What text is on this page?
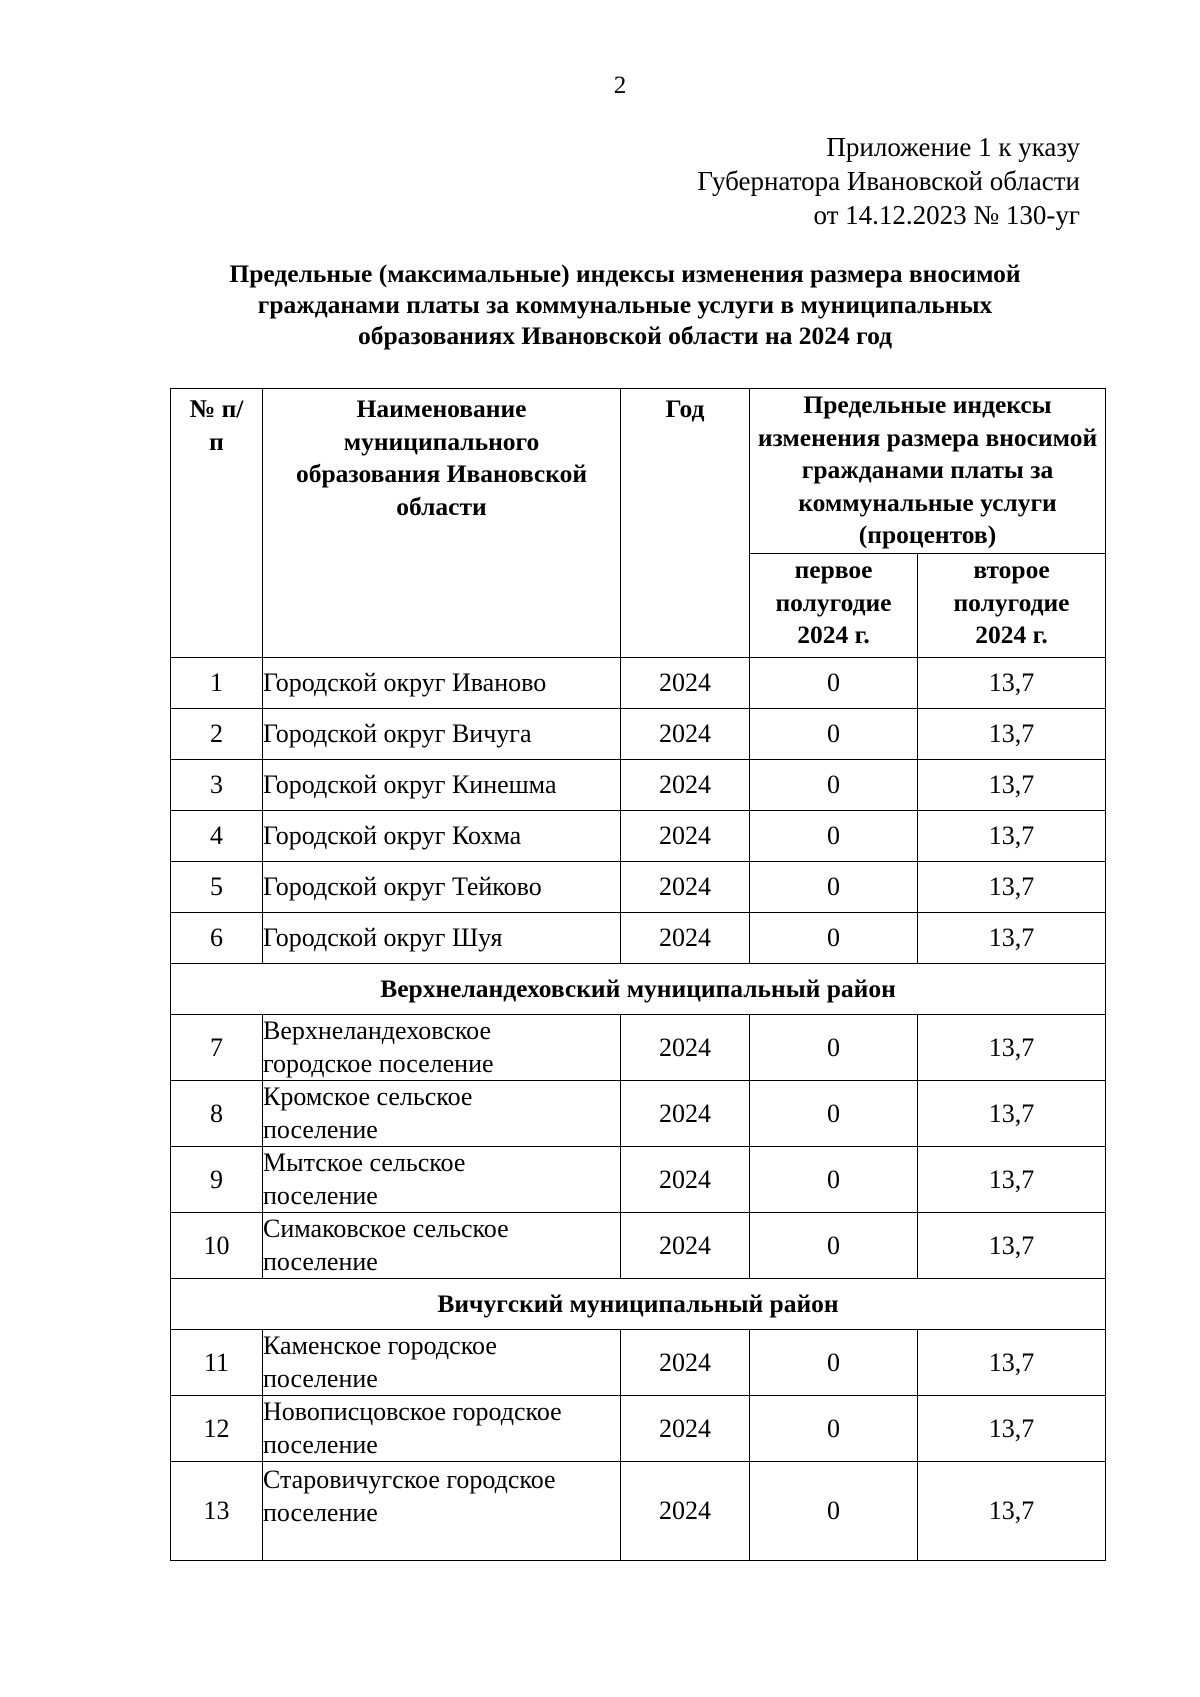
2
Приложение 1 к указу
Губернатора Ивановской области
от 14.12.2023 № 130-уг
Предельные (максимальные) индексы изменения размера вносимой
гражданами платы за коммунальные услуги в муниципальных
образованиях Ивановской области на 2024 год
№ п/п	Наименование муниципального образования Ивановской области	Год	Предельные индексы изменения размера вносимой гражданами платы за коммунальные услуги (процентов)	

			первое полугодие 2024 г.	второе полугодие 2024 г.

1	Городской округ Иваново	2024	0	13,7
2	Городской округ Вичуга	2024	0	13,7
3	Городской округ Кинешма	2024	0	13,7
4	Городской округ Кохма	2024	0	13,7
5	Городской округ Тейково	2024	0	13,7
6	Городской округ Шуя	2024	0	13,7
Верхнеландеховский муниципальный район				
7	Верхнеландеховское
городское поселение	2024	0	13,7
8	Кромское сельское
поселение	2024	0	13,7
9	Мытское сельское
поселение	2024	0	13,7
10	Симаковское сельское
поселение	2024	0	13,7
Вичугский муниципальный район				
11	Каменское городское
поселение	2024	0	13,7
12	Новописцовское городское
поселение	2024	0	13,7
13	Старовичугское городское
поселение	2024	0	13,7
